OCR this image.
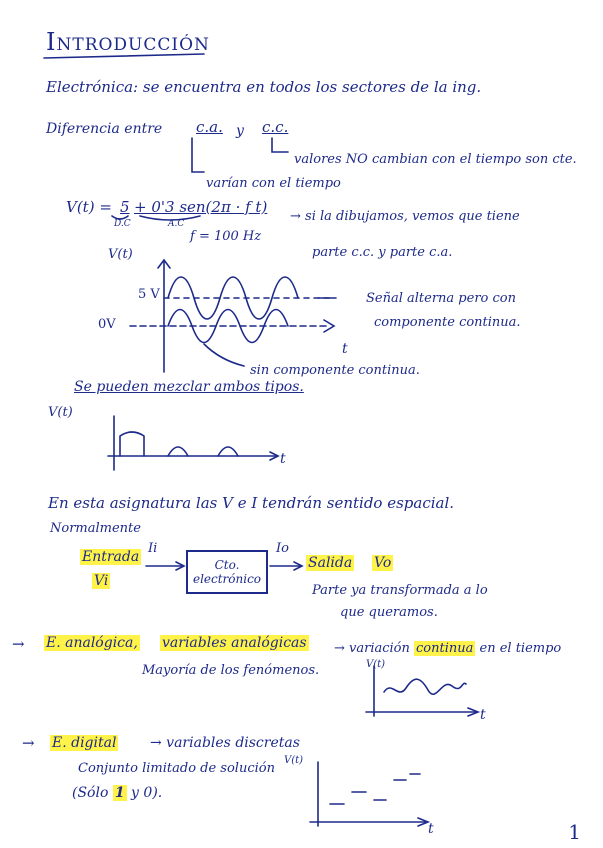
Introducción
Electrónica: se encuentra en todos los sectores de la ing.
Diferencia entre c.a. y c.c.
valores NO cambian con el tiempo son cte.
varían con el tiempo
V(t) = 5
D.C
+ 0'3 sen(2π · f t)
A.C
f = 100 Hz
→ si la dibujamos, vemos que tiene
parte c.c. y parte c.a.
V(t)
5 V
0V
t
Señal alterna pero con
componente continua.
sin componente continua.
Se pueden mezclar ambos tipos.
V(t)
t
En esta asignatura las V e I tendrán sentido espacial.
Normalmente
Entrada
Vi
Ii
Cto.
electrónico
Io
Salida Vo
Parte ya transformada a lo
que queramos.
→ E. analógica, variables analógicas → variación continua en el tiempo
Mayoría de los fenómenos.	V(t)
t
→ E. digital → variables discretas
Conjunto limitado de solución
(Sólo 1 y 0).
V(t)
t	1
